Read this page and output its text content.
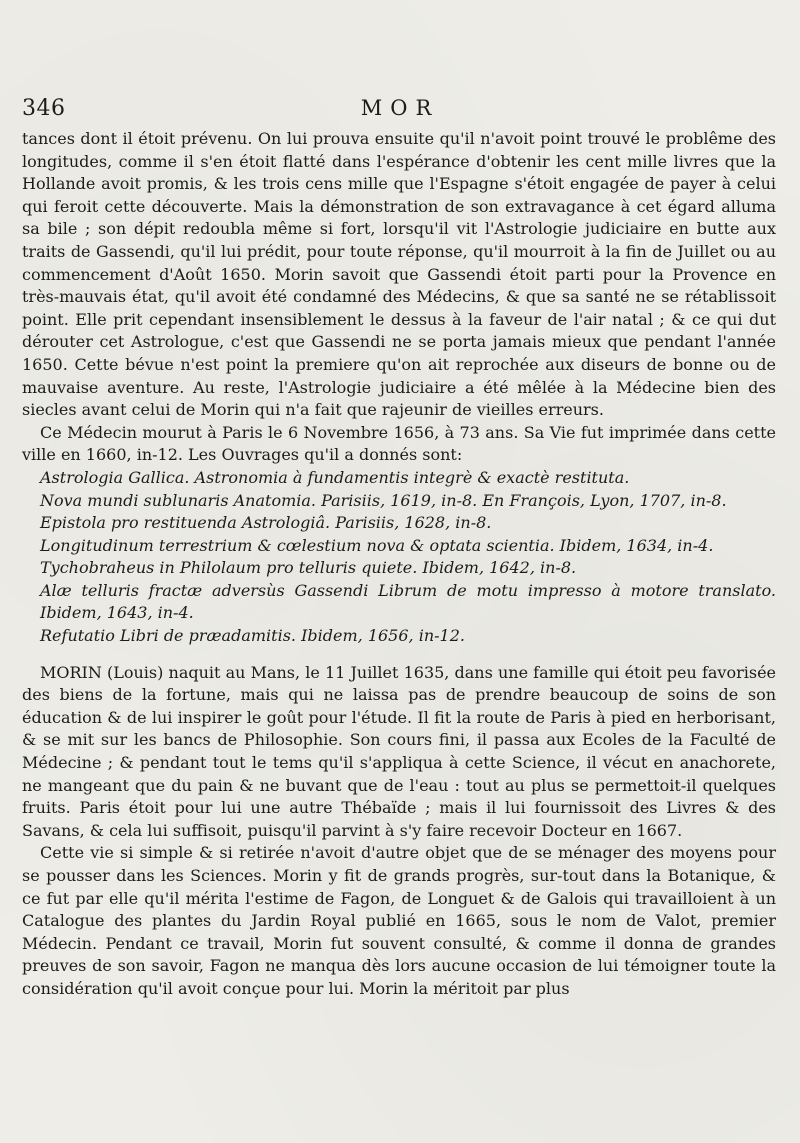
346	MOR

tances dont il étoit prévenu. On lui prouva ensuite qu'il n'avoit point trouvé le problême des longitudes, comme il s'en étoit flatté dans l'espérance d'obtenir les cent mille livres que la Hollande avoit promis, & les trois cens mille que l'Espagne s'étoit engagée de payer à celui qui feroit cette découverte. Mais la démonstration de son extravagance à cet égard alluma sa bile ; son dépit redoubla même si fort, lorsqu'il vit l'Astrologie judiciaire en butte aux traits de Gassendi, qu'il lui prédit, pour toute réponse, qu'il mourroit à la fin de Juillet ou au commencement d'Août 1650. Morin savoit que Gassendi étoit parti pour la Provence en très-mauvais état, qu'il avoit été condamné des Médecins, & que sa santé ne se rétablissoit point. Elle prit cependant insensiblement le dessus à la faveur de l'air natal ; & ce qui dut dérouter cet Astrologue, c'est que Gassendi ne se porta jamais mieux que pendant l'année 1650. Cette bévue n'est point la premiere qu'on ait reprochée aux diseurs de bonne ou de mauvaise aventure. Au reste, l'Astrologie judiciaire a été mêlée à la Médecine bien des siecles avant celui de Morin qui n'a fait que rajeunir de vieilles erreurs.

Ce Médecin mourut à Paris le 6 Novembre 1656, à 73 ans. Sa Vie fut imprimée dans cette ville en 1660, in-12. Les Ouvrages qu'il a donnés sont:

Astrologia Gallica. Astronomia à fundamentis integrè & exactè restituta.

Nova mundi sublunaris Anatomia. Parisiis, 1619, in-8. En François, Lyon, 1707, in-8.

Epistola pro restituenda Astrologiâ. Parisiis, 1628, in-8.

Longitudinum terrestrium & cœlestium nova & optata scientia. Ibidem, 1634, in-4.

Tychobraheus in Philolaum pro telluris quiete. Ibidem, 1642, in-8.

Alæ telluris fractæ adversùs Gassendi Librum de motu impresso à motore translato. Ibidem, 1643, in-4.

Refutatio Libri de præadamitis. Ibidem, 1656, in-12.

MORIN (Louis) naquit au Mans, le 11 Juillet 1635, dans une famille qui étoit peu favorisée des biens de la fortune, mais qui ne laissa pas de prendre beaucoup de soins de son éducation & de lui inspirer le goût pour l'étude. Il fit la route de Paris à pied en herborisant, & se mit sur les bancs de Philosophie. Son cours fini, il passa aux Ecoles de la Faculté de Médecine ; & pendant tout le tems qu'il s'appliqua à cette Science, il vécut en anachorete, ne mangeant que du pain & ne buvant que de l'eau : tout au plus se permettoit-il quelques fruits. Paris étoit pour lui une autre Thébaïde ; mais il lui fournissoit des Livres & des Savans, & cela lui suffisoit, puisqu'il parvint à s'y faire recevoir Docteur en 1667.

Cette vie si simple & si retirée n'avoit d'autre objet que de se ménager des moyens pour se pousser dans les Sciences. Morin y fit de grands progrès, sur-tout dans la Botanique, & ce fut par elle qu'il mérita l'estime de Fagon, de Longuet & de Galois qui travailloient à un Catalogue des plantes du Jardin Royal publié en 1665, sous le nom de Valot, premier Médecin. Pendant ce travail, Morin fut souvent consulté, & comme il donna de grandes preuves de son savoir, Fagon ne manqua dès lors aucune occasion de lui témoigner toute la considération qu'il avoit conçue pour lui. Morin la méritoit par plus
